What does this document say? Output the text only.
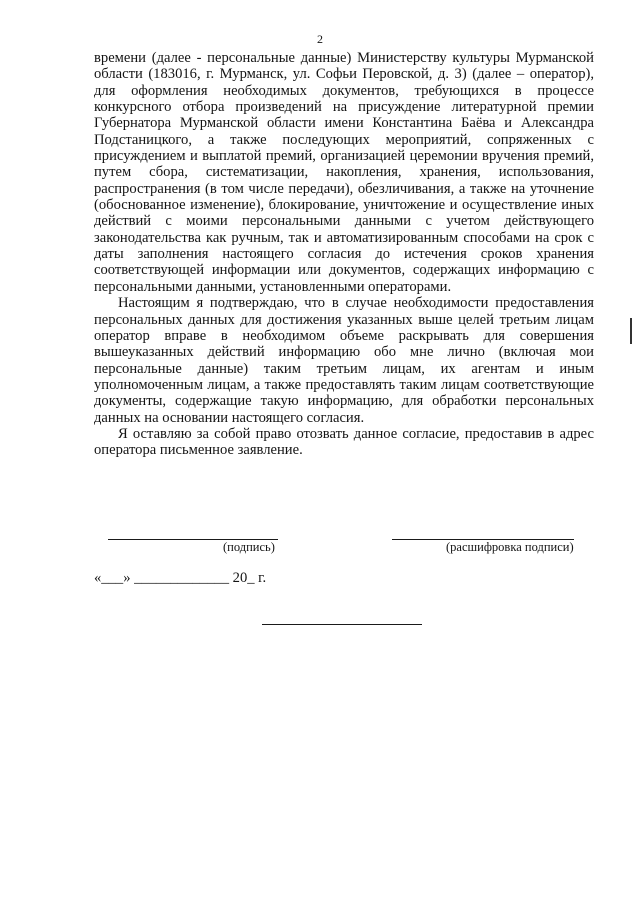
2

времени (далее - персональные данные) Министерству культуры Мурманской области (183016, г. Мурманск, ул. Софьи Перовской, д. 3) (далее – оператор), для оформления необходимых документов, требующихся в процессе конкурсного отбора произведений на присуждение литературной премии Губернатора Мурманской области имени Константина Баёва и Александра Подстаницкого, а также последующих мероприятий, сопряженных с присуждением и выплатой премий, организацией церемонии вручения премий, путем сбора, систематизации, накопления, хранения, использования, распространения (в том числе передачи), обезличивания, а также на уточнение (обоснованное изменение), блокирование, уничтожение и осуществление иных действий с моими персональными данными с учетом действующего законодательства как ручным, так и автоматизированным способами на срок с даты заполнения настоящего согласия до истечения сроков хранения соответствующей информации или документов, содержащих информацию с персональными данными, установленными операторами.

Настоящим я подтверждаю, что в случае необходимости предоставления персональных данных для достижения указанных выше целей третьим лицам оператор вправе в необходимом объеме раскрывать для совершения вышеуказанных действий информацию обо мне лично (включая мои персональные данные) таким третьим лицам, их агентам и иным уполномоченным лицам, а также предоставлять таким лицам соответствующие документы, содержащие такую информацию, для обработки персональных данных на основании настоящего согласия.

Я оставляю за собой право отозвать данное согласие, предоставив в адрес оператора письменное заявление.

(подпись)	(расшифровка подписи)
«___» _____________ 20_ г.
